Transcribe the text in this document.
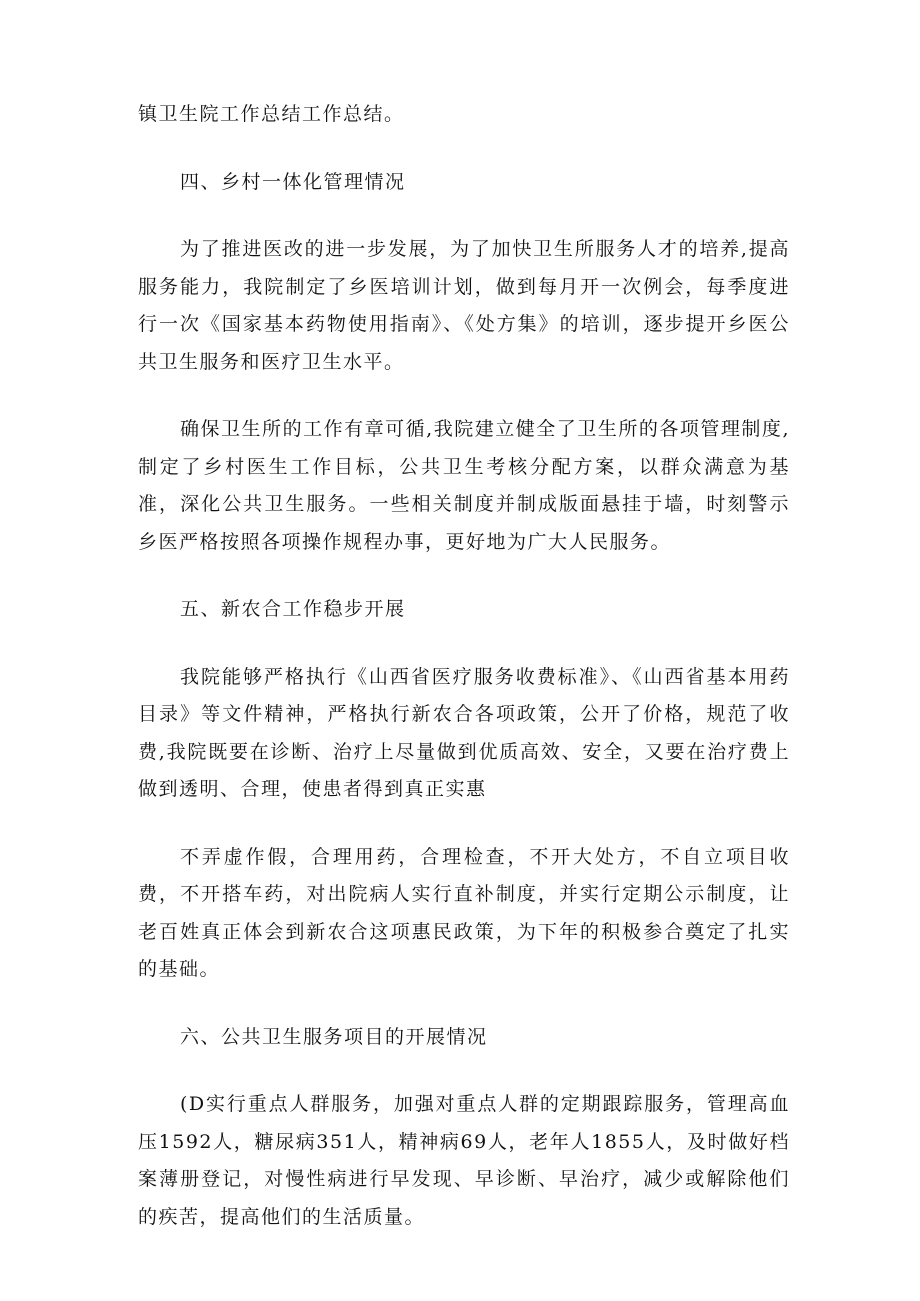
镇卫生院工作总结工作总结。

四、乡村一体化管理情况

为了推进医改的进一步发展，为了加快卫生所服务人才的培养,提高服务能力，我院制定了乡医培训计划，做到每月开一次例会，每季度进行一次《国家基本药物使用指南》、《处方集》的培训，逐步提开乡医公共卫生服务和医疗卫生水平。

确保卫生所的工作有章可循,我院建立健全了卫生所的各项管理制度,制定了乡村医生工作目标，公共卫生考核分配方案，以群众满意为基准，深化公共卫生服务。一些相关制度并制成版面悬挂于墙，时刻警示乡医严格按照各项操作规程办事，更好地为广大人民服务。

五、新农合工作稳步开展

我院能够严格执行《山西省医疗服务收费标准》、《山西省基本用药目录》等文件精神，严格执行新农合各项政策，公开了价格，规范了收费,我院既要在诊断、治疗上尽量做到优质高效、安全，又要在治疗费上做到透明、合理，使患者得到真正实惠

不弄虚作假，合理用药，合理检查，不开大处方，不自立项目收费，不开搭车药，对出院病人实行直补制度，并实行定期公示制度，让老百姓真正体会到新农合这项惠民政策，为下年的积极参合奠定了扎实的基础。

六、公共卫生服务项目的开展情况

(D实行重点人群服务，加强对重点人群的定期跟踪服务，管理高血压1592人，糖尿病351人，精神病69人，老年人1855人，及时做好档案薄册登记，对慢性病进行早发现、早诊断、早治疗，减少或解除他们的疾苦，提高他们的生活质量。
